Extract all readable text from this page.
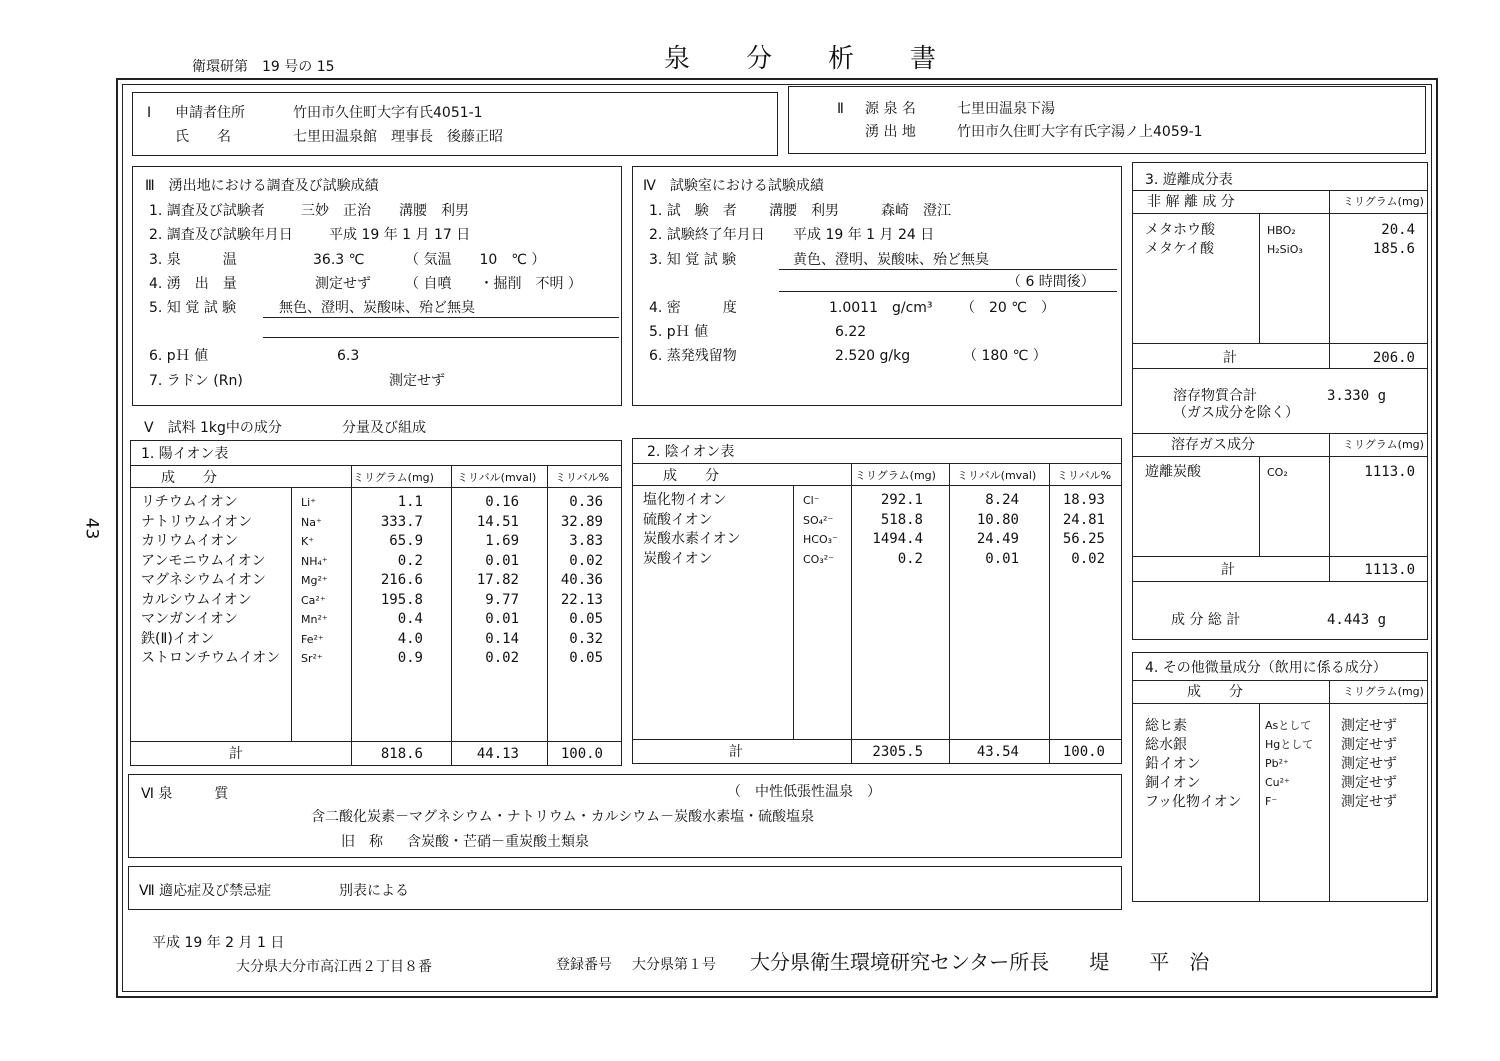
衛環研第　19 号の 15	泉分析書
43
Ⅰ 申請者住所	竹田市久住町大字有氏4051-1
氏　　名	七里田温泉館　理事長　後藤正昭
Ⅱ 源 泉 名	七里田温泉下湯
湧 出 地	竹田市久住町大字有氏字湯ノ上4059-1
Ⅲ　湧出地における調査及び試験成績
1. 調査及び試験者	三妙　正治　　溝腰　利男
2. 調査及び試験年月日	平成 19 年 1 月 17 日
3. 泉　　　温	36.3 ℃	（ 気温　　10　℃ ）
4. 湧　出　量	測定せず （ 自噴　　・掘削　不明 ）
5. 知 覚 試 験	無色、澄明、炭酸味、殆ど無臭
6. pＨ 値	6.3
7. ラドン (Rn)	測定せず
Ⅳ　試験室における試験成績
1. 試　験　者 溝腰　利男　　　森崎　澄江
2. 試験終了年月日 平成 19 年 1 月 24 日
3. 知 覚 試 験	黄色、澄明、炭酸味、殆ど無臭
（ 6 時間後）
4. 密　　　度	1.0011　g/cm³ （　20 ℃　）
5. pＨ 値	6.22
6. 蒸発残留物	2.520 g/kg	（ 180 ℃ ）
Ⅴ　試料 1kg中の成分	分量及び組成
1. 陽イオン表
成　　分	ミリグラム(mg) ミリバル(mval) ミリバル%
リチウムイオン	Li⁺	1.1	0.16	0.36
ナトリウムイオン	Na⁺	333.7	14.51	32.89
カリウムイオン	K⁺	65.9	1.69	3.83
アンモニウムイオン	NH₄⁺	0.2	0.01	0.02
マグネシウムイオン	Mg²⁺	216.6	17.82	40.36
カルシウムイオン	Ca²⁺	195.8	9.77	22.13
マンガンイオン	Mn²⁺	0.4	0.01	0.05
鉄(Ⅱ)イオン	Fe²⁺	4.0	0.14	0.32
ストロンチウムイオン Sr²⁺	0.9	0.02	0.05
計	818.6	44.13	100.0
2. 陰イオン表
成　　分	ミリグラム(mg) ミリバル(mval) ミリバル%
塩化物イオン	Cl⁻	292.1	8.24	18.93
硫酸イオン	SO₄²⁻	518.8	10.80	24.81
炭酸水素イオン	HCO₃⁻	1494.4	24.49	56.25
炭酸イオン	CO₃²⁻	0.2	0.01	0.02
計	2305.5	43.54	100.0
Ⅵ 泉　　　質	（　中性低張性温泉　）
含二酸化炭素－マグネシウム・ナトリウム・カルシウム－炭酸水素塩・硫酸塩泉
旧　称 含炭酸・芒硝－重炭酸土類泉
Ⅶ 適応症及び禁忌症	別表による
3. 遊離成分表
非 解 離 成 分	ミリグラム(mg)
メタホウ酸	HBO₂	20.4
メタケイ酸	H₂SiO₃	185.6
計	206.0
溶存物質合計	3.330 g
（ガス成分を除く）
溶存ガス成分	ミリグラム(mg)
遊離炭酸	CO₂	1113.0
計	1113.0
成 分 総 計	4.443 g
4. その他微量成分（飲用に係る成分）
成　　分	ミリグラム(mg)
総ヒ素	Asとして 測定せず
総水銀	Hgとして 測定せず
鉛イオン	Pb²⁺	測定せず
銅イオン	Cu²⁺	測定せず
フッ化物イオン F⁻	測定せず
平成 19 年 2 月 1 日
大分県大分市高江西２丁目８番	登録番号 大分県第１号 大分県衛生環境研究センター所長　　堤　　平　治
